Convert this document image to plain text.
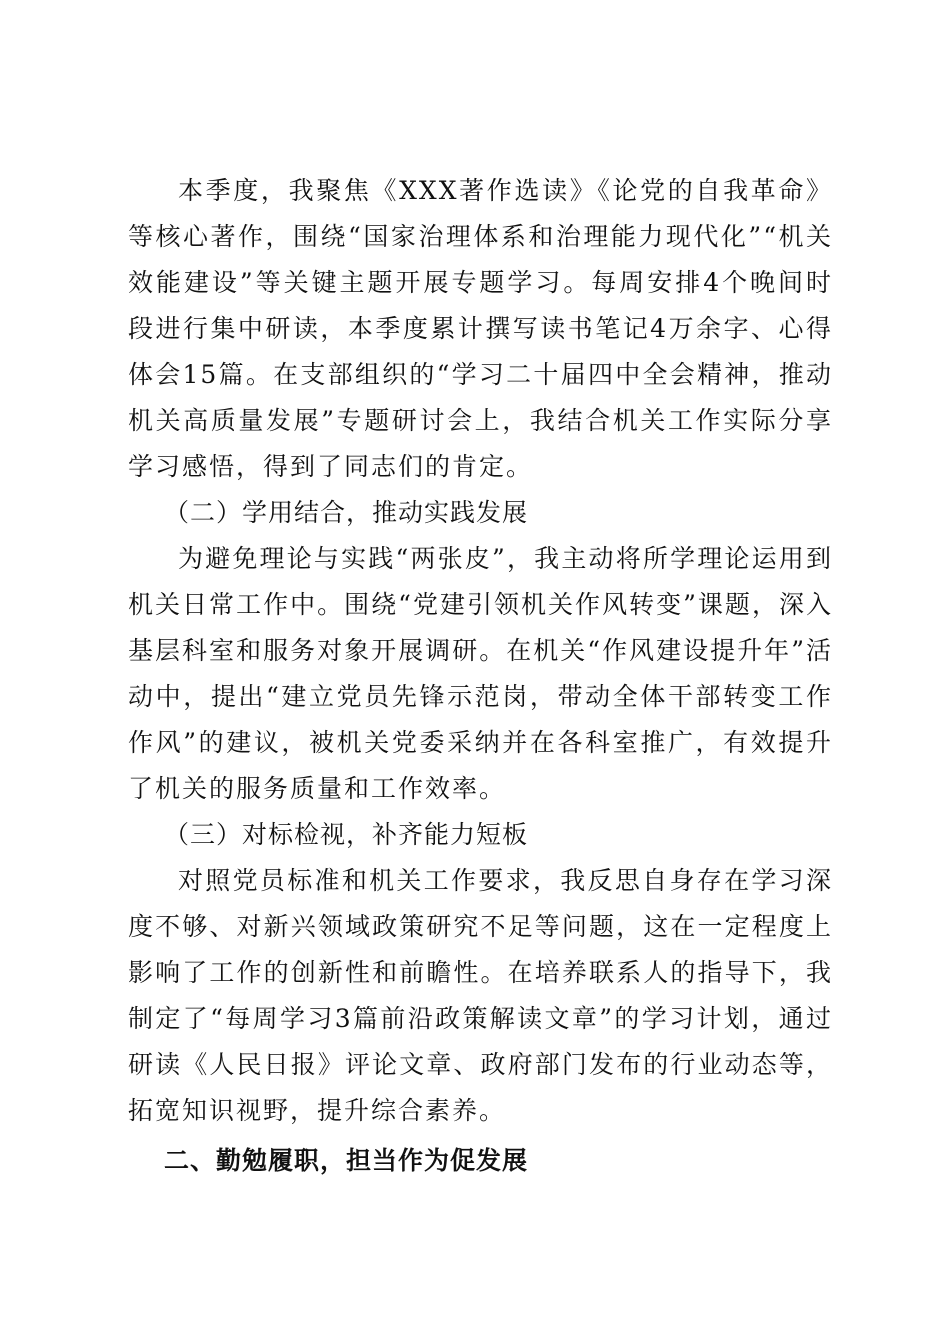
本季度，我聚焦《XXX著作选读》《论党的自我革命》等核心著作，围绕“国家治理体系和治理能力现代化”“机关效能建设”等关键主题开展专题学习。每周安排4个晚间时段进行集中研读，本季度累计撰写读书笔记4万余字、心得体会15篇。在支部组织的“学习二十届四中全会精神，推动机关高质量发展”专题研讨会上，我结合机关工作实际分享学习感悟，得到了同志们的肯定。

（二）学用结合，推动实践发展

为避免理论与实践“两张皮”，我主动将所学理论运用到机关日常工作中。围绕“党建引领机关作风转变”课题，深入基层科室和服务对象开展调研。在机关“作风建设提升年”活动中，提出“建立党员先锋示范岗，带动全体干部转变工作作风”的建议，被机关党委采纳并在各科室推广，有效提升了机关的服务质量和工作效率。

（三）对标检视，补齐能力短板

对照党员标准和机关工作要求，我反思自身存在学习深度不够、对新兴领域政策研究不足等问题，这在一定程度上影响了工作的创新性和前瞻性。在培养联系人的指导下，我制定了“每周学习3篇前沿政策解读文章”的学习计划，通过研读《人民日报》评论文章、政府部门发布的行业动态等，拓宽知识视野，提升综合素养。

二、勤勉履职，担当作为促发展
